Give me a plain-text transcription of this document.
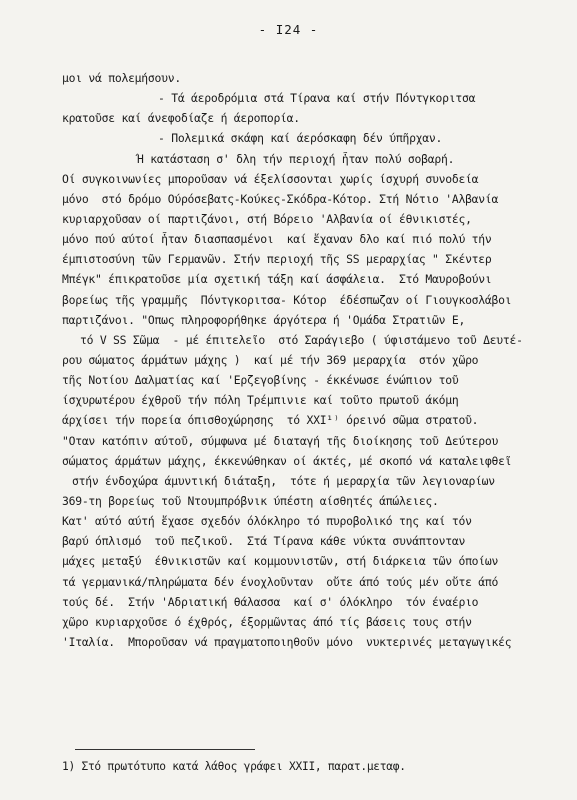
- I24 -
μοι νά πολεμήσουν.
- Τά άεροδρόμια στά Τίρανα καί στήν Πόντγκοριτσα
κρατοῦσε καί άνεφοδίαζε ή άεροπορία.
- Πολεμικά σκάφη καί άερόσκαφη δέν ύπῆρχαν.
Ή κατάσταση σ' δλη τήν περιοχή ἦταν πολύ σοβαρή.
Οί συγκοινωνίες μποροῦσαν νά έξελίσσονται χωρίς ίσχυρή συνοδεία
μόνο  στό δρόμο Ούρόσεβατς-Κούκες-Σκόδρα-Κότορ. Στή Νότιο 'Αλβανία
κυριαρχοῦσαν οί παρτιζάνοι, στή Βόρειο 'Αλβανία οί έθνικιστές,
μόνο πού αύτοί ἦταν διασπασμένοι  καί ἔχαναν δλο καί πιό πολύ τήν
έμπιστοσύνη τῶν Γερμανῶν. Στήν περιοχή τῆς SS μεραρχίας " Σκέντερ
Μπέγκ" έπικρατοῦσε μία σχετική τάξη καί άσφάλεια.  Στό Μαυροβούνι
βορείως τῆς γραμμῆς  Πόντγκοριτσα- Κότορ  έδέσπωζαν οί Γιουγκοσλάβοι
παρτιζάνοι. "Οπως πληροφορήθηκε άργότερα ή 'Ομάδα Στρατιῶν Ε,
τό V SS Σῶμα  - μέ έπιτελεῖο  στό Σαράγιεβο ( ύφιστάμενο τοῦ Δευτέ-
ρου σώματος άρμάτων μάχης )  καί μέ τήν 369 μεραρχία  στόν χῶρο
τῆς Νοτίου Δαλματίας καί 'Ερζεγοβίνης - έκκένωσε ένώπιον τοῦ
ίσχυρωτέρου έχθροῦ τήν πόλη Τρέμπινιε καί τοῦτο πρωτοῦ άκόμη
άρχίσει τήν πορεία όπισθοχώρησης  τό XXI¹⁾ όρεινό σῶμα στρατοῦ.
"Οταν κατόπιν αύτοῦ, σύμφωνα μέ διαταγή τῆς διοίκησης τοῦ Δεύτερου
σώματος άρμάτων μάχης, έκκενώθηκαν οί άκτές, μέ σκοπό νά καταλειφθεῖ
στήν ένδοχώρα άμυντική διάταξη,  τότε ή μεραρχία τῶν λεγιοναρίων
369-τη βορείως τοῦ Ντουμπρόβνικ ύπέστη αίσθητές άπώλειες.
Κατ' αύτό αύτή ἔχασε σχεδόν όλόκληρο τό πυροβολικό της καί τόν
βαρύ όπλισμό  τοῦ πεζικοῦ.  Στά Τίρανα κάθε νύκτα συνάπτονταν
μάχες μεταξύ  έθνικιστῶν καί κομμουνιστῶν, στή διάρκεια τῶν όποίων
τά γερμανικά/πληρώματα δέν ένοχλοῦνταν  οὔτε άπό τούς μέν οὔτε άπό
τούς δέ.  Στήν 'Αδριατική θάλασσα  καί σ' όλόκληρο  τόν έναέριο
χῶρο κυριαρχοῦσε ό έχθρός, έξορμῶντας άπό τίς βάσεις τους στήν
'Ιταλία.  Μποροῦσαν νά πραγματοποιηθοῦν μόνο  νυκτερινές μεταγωγικές
1) Στό πρωτότυπο κατά λάθος γράφει XXII, παρατ.μεταφ.
